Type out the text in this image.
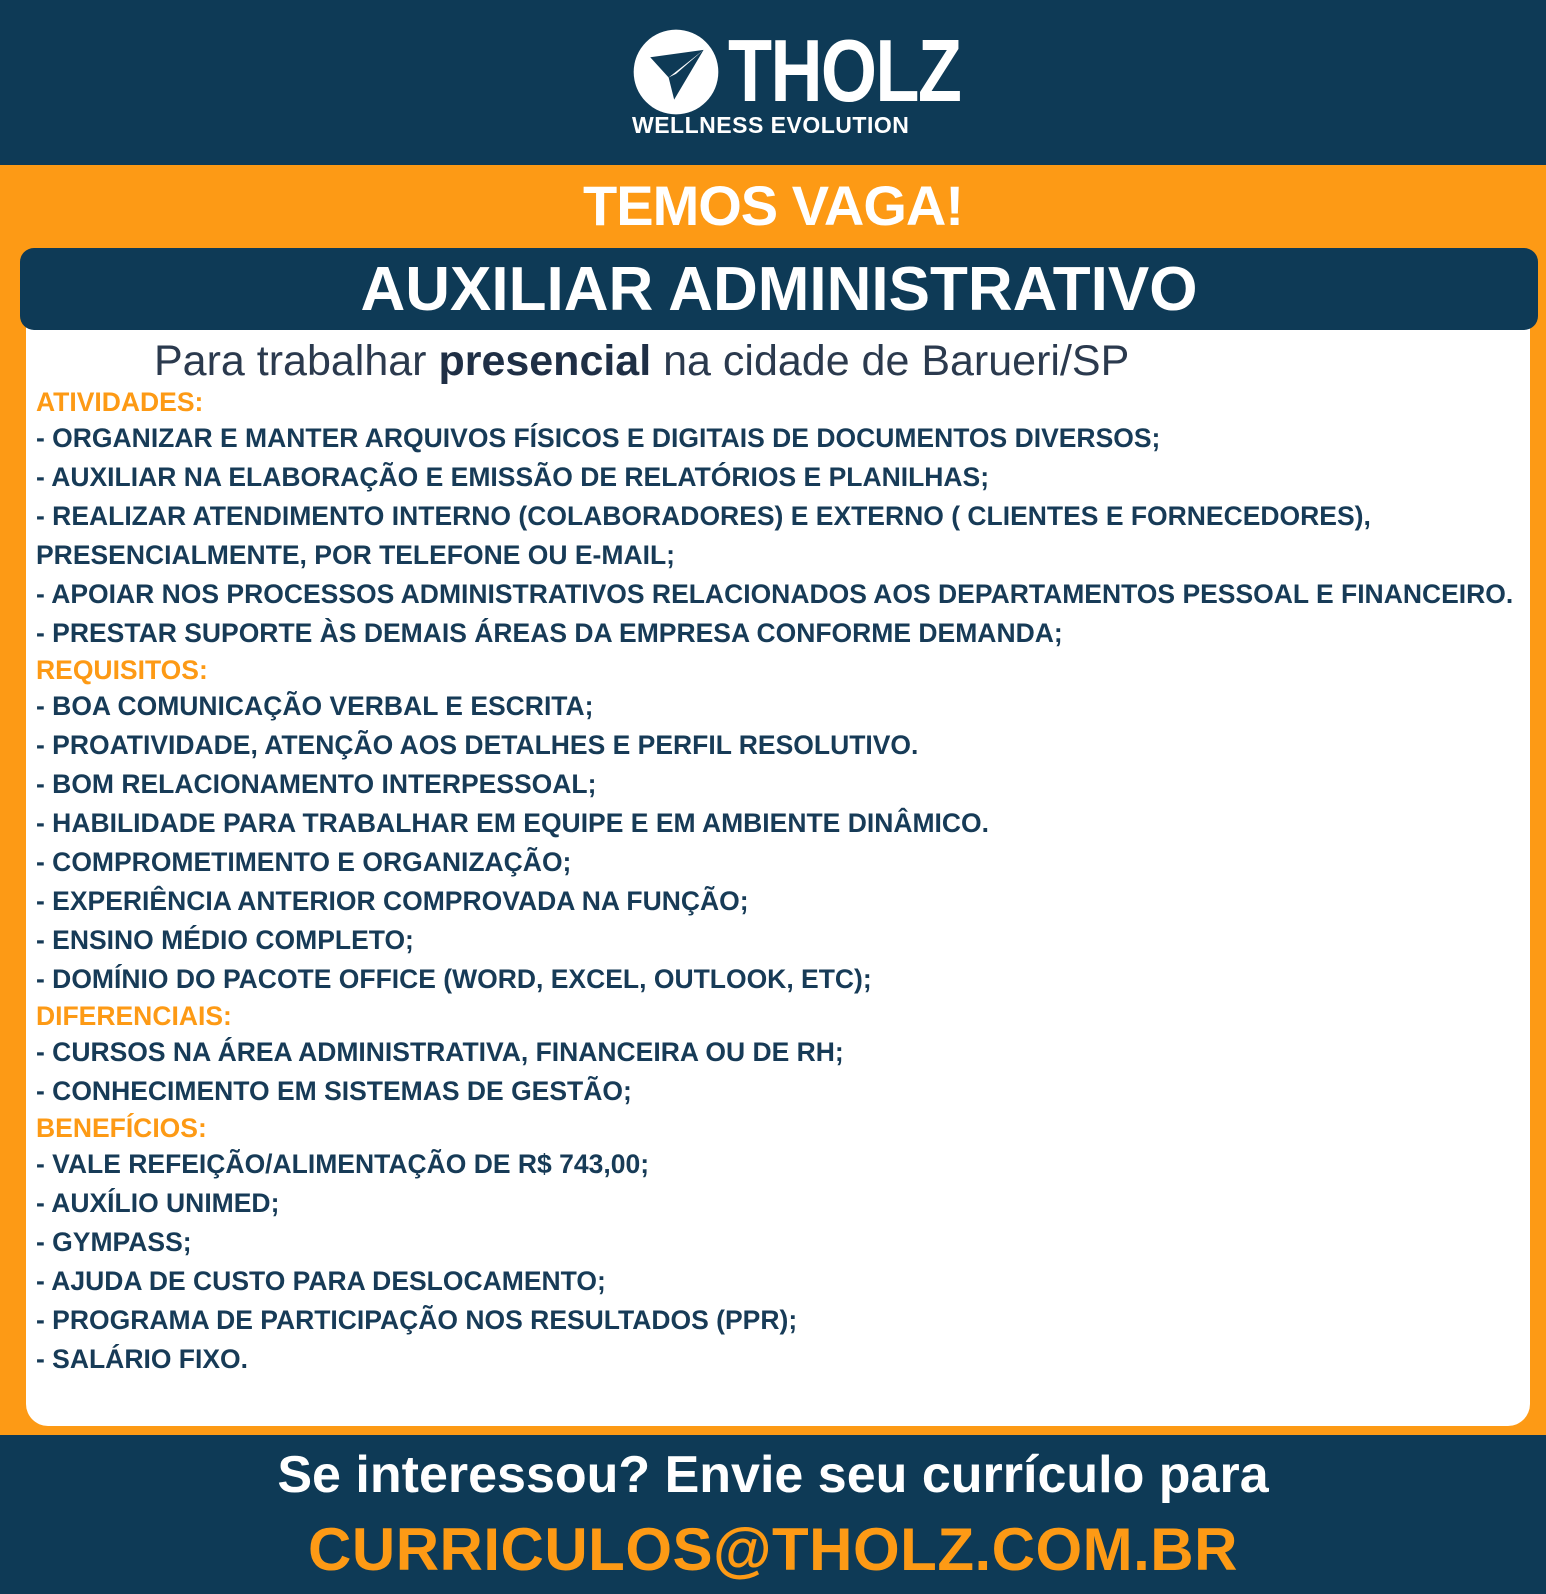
THOLZ
WELLNESS EVOLUTION
TEMOS VAGA!
AUXILIAR ADMINISTRATIVO
Para trabalhar presencial na cidade de Barueri/SP
ATIVIDADES:
- ORGANIZAR E MANTER ARQUIVOS FÍSICOS E DIGITAIS DE DOCUMENTOS DIVERSOS;
- AUXILIAR NA ELABORAÇÃO E EMISSÃO DE RELATÓRIOS E PLANILHAS;
- REALIZAR ATENDIMENTO INTERNO (COLABORADORES) E EXTERNO ( CLIENTES E FORNECEDORES), PRESENCIALMENTE, POR TELEFONE OU E-MAIL;
- APOIAR NOS PROCESSOS ADMINISTRATIVOS RELACIONADOS AOS DEPARTAMENTOS PESSOAL E FINANCEIRO.
- PRESTAR SUPORTE ÀS DEMAIS ÁREAS DA EMPRESA CONFORME DEMANDA;
REQUISITOS:
- BOA COMUNICAÇÃO VERBAL E ESCRITA;
- PROATIVIDADE, ATENÇÃO AOS DETALHES E PERFIL RESOLUTIVO.
- BOM RELACIONAMENTO INTERPESSOAL;
- HABILIDADE PARA TRABALHAR EM EQUIPE E EM AMBIENTE DINÂMICO.
- COMPROMETIMENTO E ORGANIZAÇÃO;
- EXPERIÊNCIA ANTERIOR COMPROVADA NA FUNÇÃO;
- ENSINO MÉDIO COMPLETO;
- DOMÍNIO DO PACOTE OFFICE (WORD, EXCEL, OUTLOOK, ETC);
DIFERENCIAIS:
- CURSOS NA ÁREA ADMINISTRATIVA, FINANCEIRA OU DE RH;
- CONHECIMENTO EM SISTEMAS DE GESTÃO;
BENEFÍCIOS:
- VALE REFEIÇÃO/ALIMENTAÇÃO DE R$ 743,00;
- AUXÍLIO UNIMED;
- GYMPASS;
- AJUDA DE CUSTO PARA DESLOCAMENTO;
- PROGRAMA DE PARTICIPAÇÃO NOS RESULTADOS (PPR);
- SALÁRIO FIXO.
Se interessou? Envie seu currículo para
CURRICULOS@THOLZ.COM.BR
